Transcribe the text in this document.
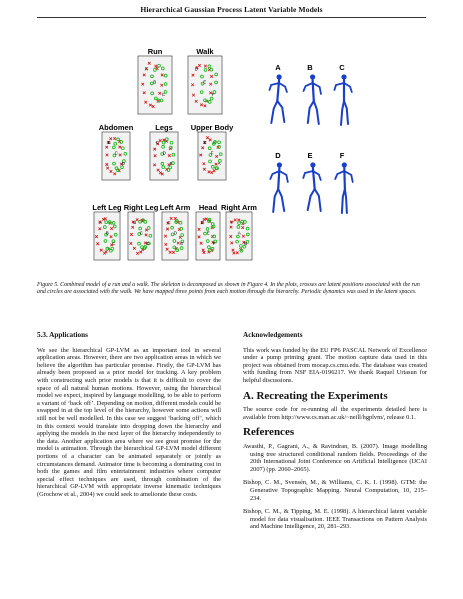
Hierarchical Gaussian Process Latent Variable Models
A
B
C
Run
D
E
F
Walk
B
C
D
Abdomen
C
D
E
Legs
E
F
A
Upper Body
A
B
C
Left Leg
B
C
D
Right Leg
C
D
E
Left Arm
D
E
F
Head
F
A
B
Right Arm
A	B	C
D	E	F
Figure 5. Combined model of a run and a walk. The skeleton is decomposed as shown in Figure 4. In the plots, crosses are latent positions associated with the run and circles are associated with the walk. We have mapped three points from each motion through the hierarchy. Periodic dynamics was used in the latent spaces.
5.3. Applications
We see the hierarchical GP-LVM as an important tool in several application areas. However, there are two application areas in which we believe the algorithm has particular promise. Firstly, the GP-LVM has already been proposed as a prior model for tracking. A key problem with constructing such prior models is that it is difficult to cover the space of all natural human motions. However, using the hierarchical model we expect, inspired by language modelling, to be able to perform a variant of ‘back off’. Depending on motion, different models could be swapped in at the top level of the hierarchy, however some actions will still not be well modelled. In this case we suggest ‘backing off’, which in this context would translate into dropping down the hierarchy and applying the models in the next layer of the hierarchy independently to the data. Another application area where we see great promise for the model is animation. Through the hierarchical GP-LVM model different portions of a character can be animated separately or jointly as circumstances demand. Animator time is becoming a dominating cost in both the games and film entertainment industries where computer special effect techniques are used, through combination of the hierarchical GP-LVM with appropriate inverse kinematic techniques (Grochow et al., 2004) we could seek to ameliorate these costs.
Acknowledgements
This work was funded by the EU FP6 PASCAL Network of Excellence under a pump priming grant. The motion capture data used in this project was obtained from mocap.cs.cmu.edu. The database was created with funding from NSF EIA-0196217. We thank Raquel Urtasun for helpful discussions.
A. Recreating the Experiments
The source code for re-running all the experiments detailed here is available from http://www.cs.man.ac.uk/~neill/hgplvm/, release 0.1.
References
Awasthi, P., Gagrani, A., & Ravindran, B. (2007). Image modelling using tree structured conditional random fields. Proceedings of the 20th International Joint Conference on Artificial Intelligence (IJCAI 2007) (pp. 2060–2065).
Bishop, C. M., Svensén, M., & Williams, C. K. I. (1998). GTM: the Generative Topographic Mapping. Neural Computation, 10, 215–234.
Bishop, C. M., & Tipping, M. E. (1998). A hierarchical latent variable model for data visualisation. IEEE Transactions on Pattern Analysis and Machine Intelligence, 20, 281–293.
